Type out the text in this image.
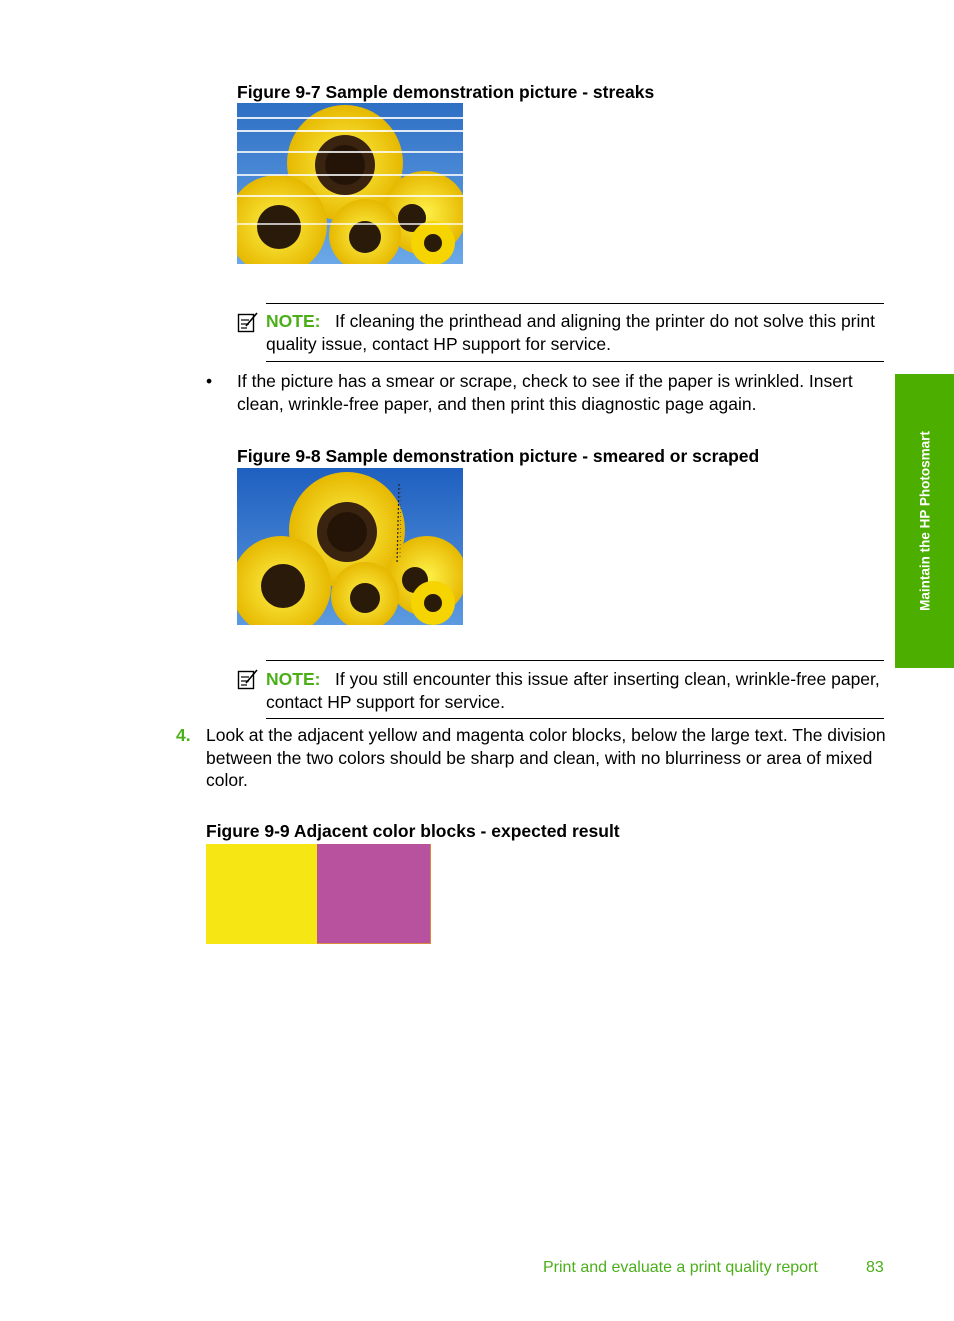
Figure 9-7 Sample demonstration picture - streaks
NOTE: If cleaning the printhead and aligning the printer do not solve this print quality issue, contact HP support for service.
• If the picture has a smear or scrape, check to see if the paper is wrinkled. Insert clean, wrinkle-free paper, and then print this diagnostic page again.
Figure 9-8 Sample demonstration picture - smeared or scraped
NOTE: If you still encounter this issue after inserting clean, wrinkle-free paper, contact HP support for service.
4. Look at the adjacent yellow and magenta color blocks, below the large text. The division between the two colors should be sharp and clean, with no blurriness or area of mixed color.
Figure 9-9 Adjacent color blocks - expected result
Maintain the HP Photosmart
Print and evaluate a print quality report	83
